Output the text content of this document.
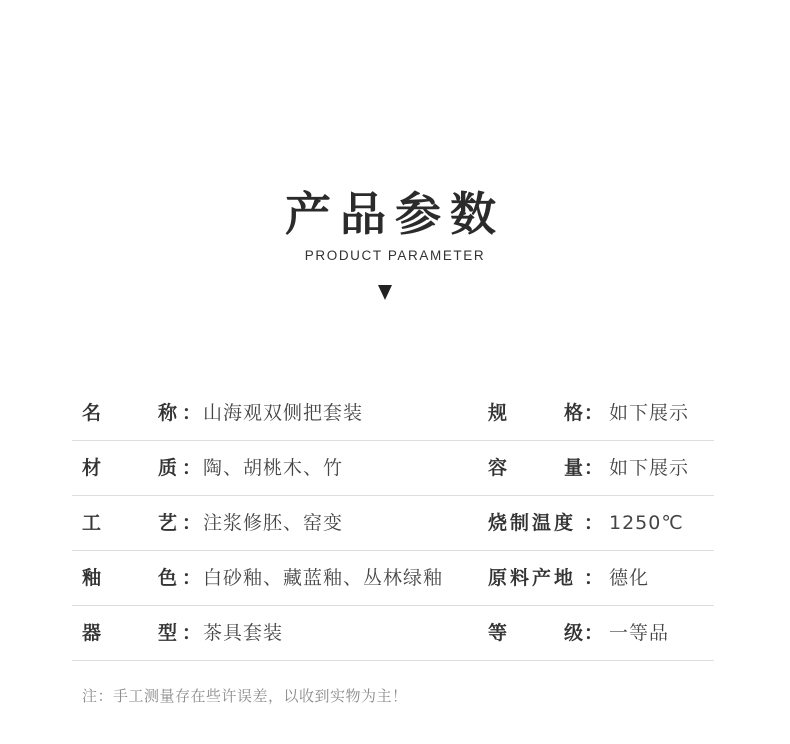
产品参数
PRODUCT PARAMETER
名	称 ： 山海观双侧把套装	规	格 ： 如下展示
材	质 ： 陶、胡桃木、竹	容	量 ： 如下展示
工	艺 ： 注浆修胚、窑变	烧制温度 ： 1250℃
釉	色 ： 白砂釉、藏蓝釉、丛林绿釉 原料产地 ： 德化
器	型 ： 茶具套装	等	级 ： 一等品
注：手工测量存在些许误差，以收到实物为主！
